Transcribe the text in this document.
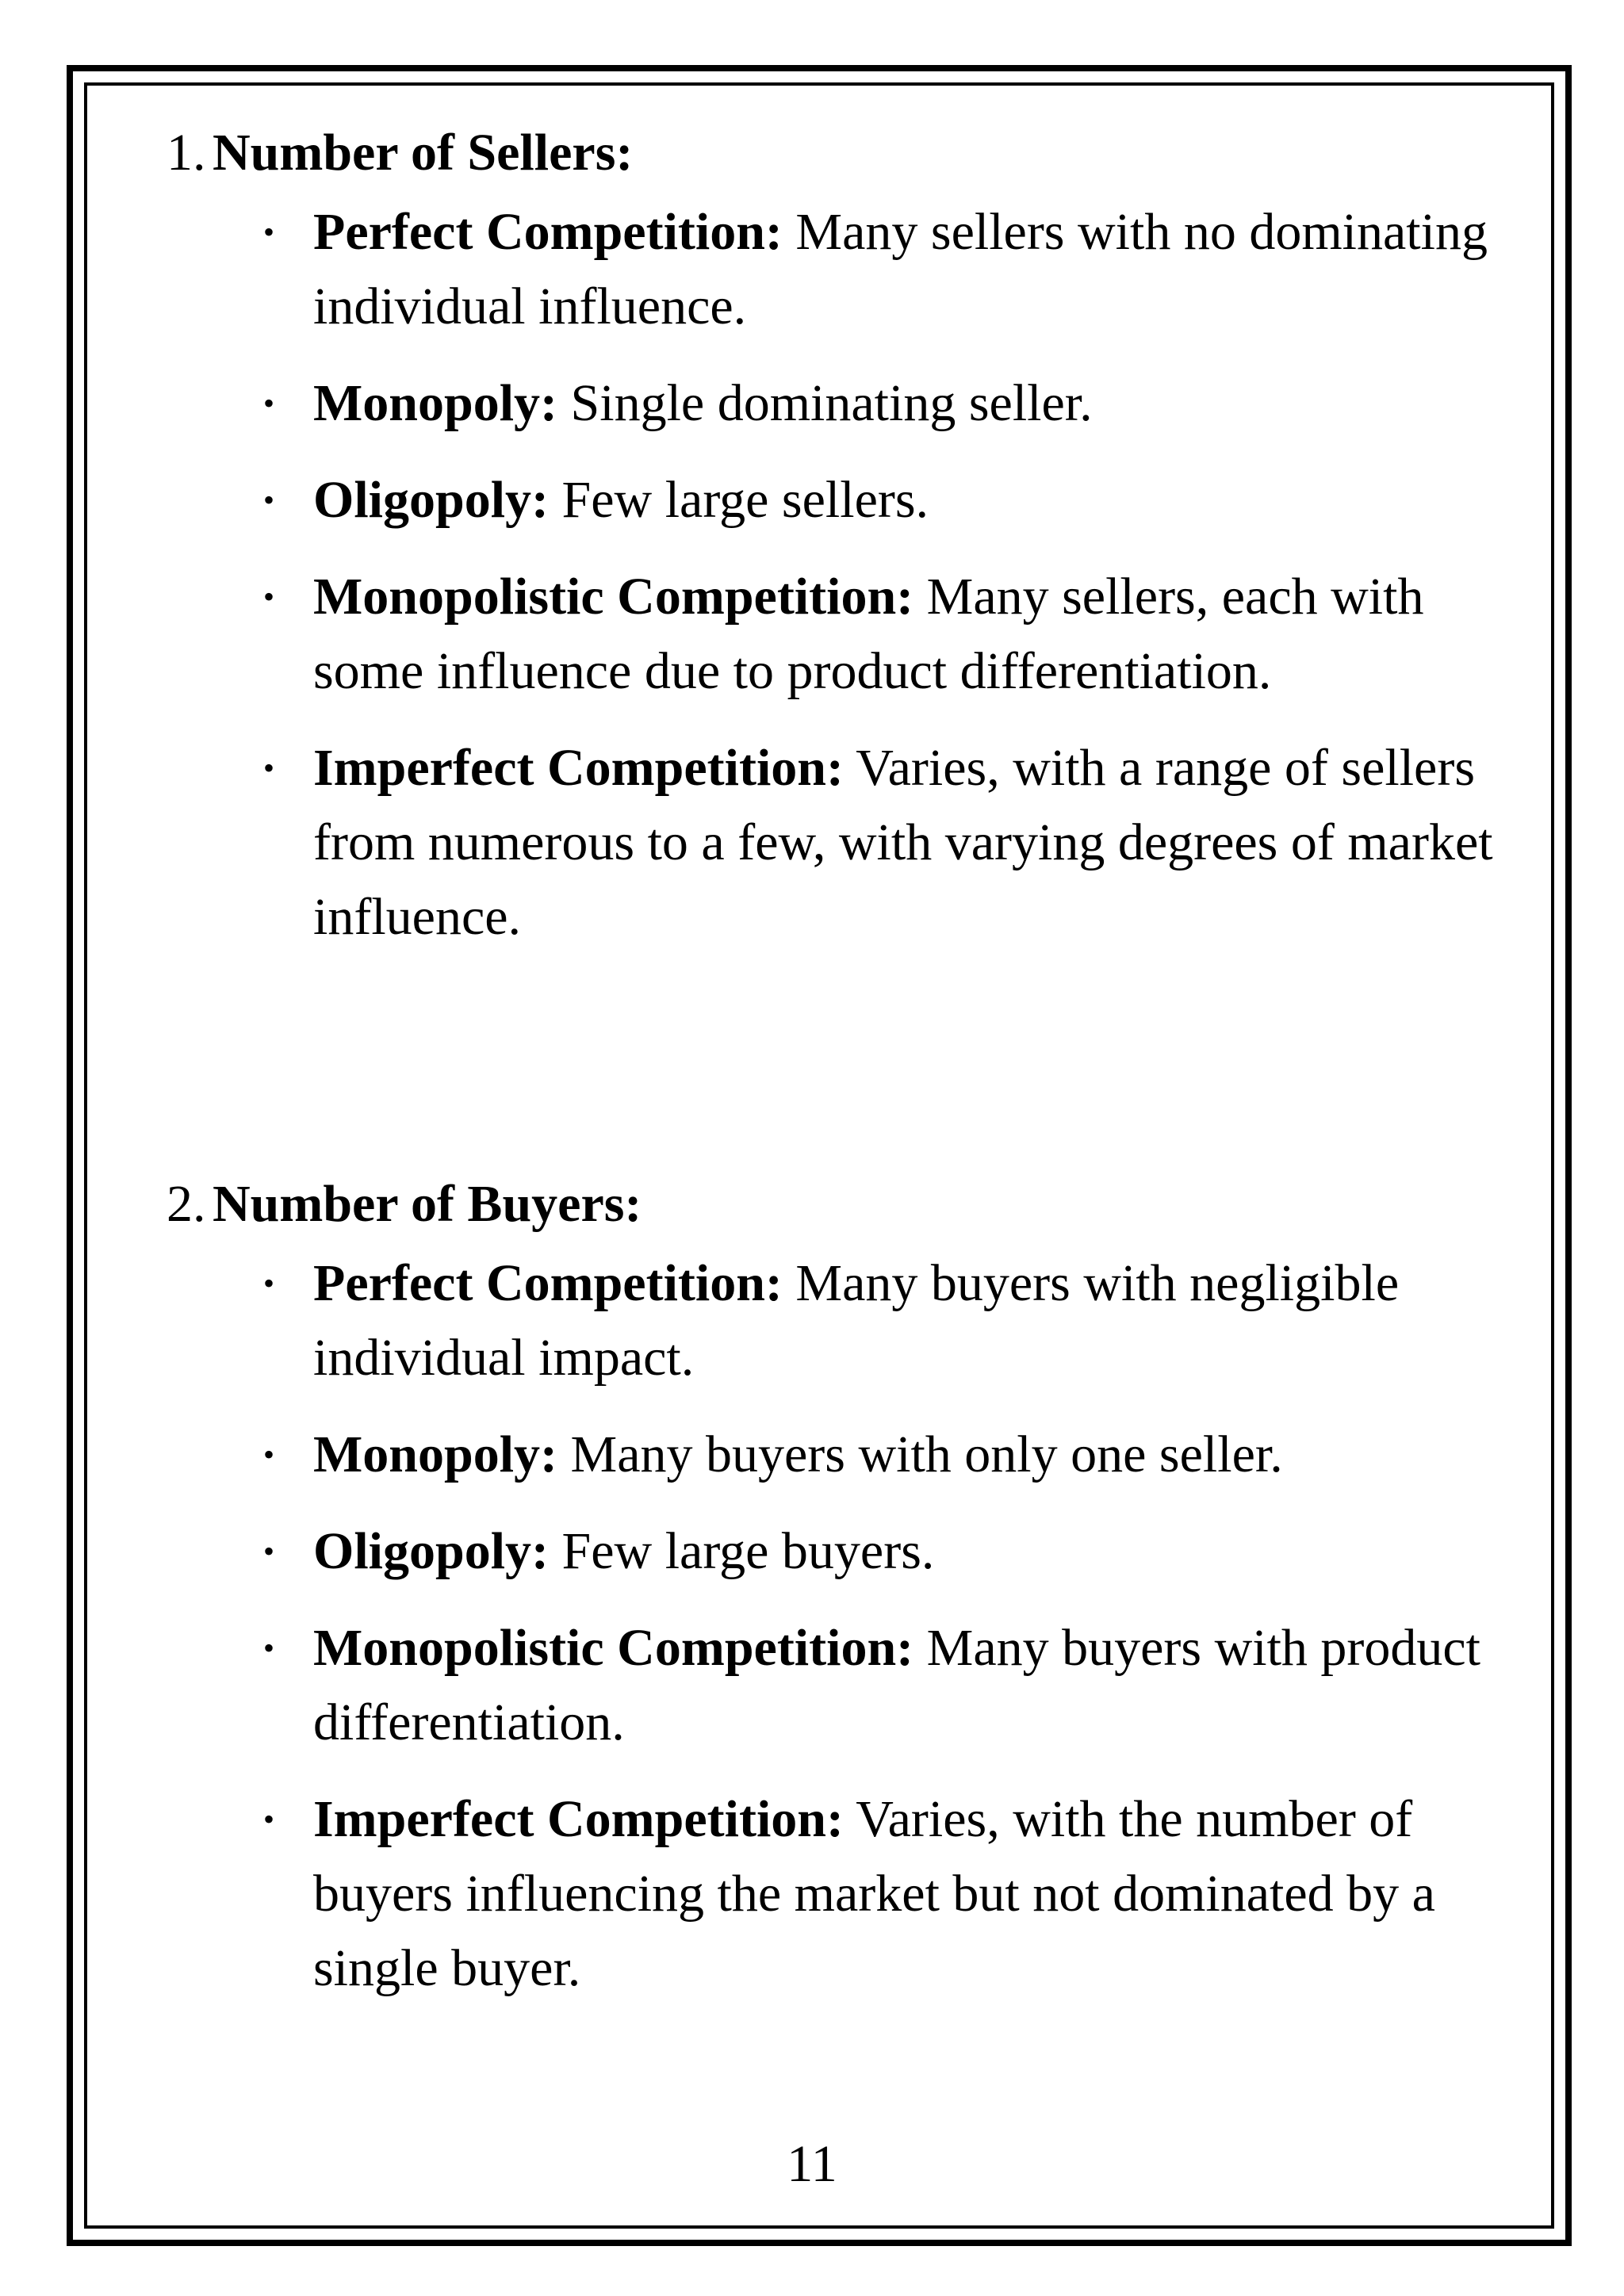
1. Number of Sellers:
• Perfect Competition: Many sellers with no dominating individual influence.
• Monopoly: Single dominating seller.
• Oligopoly: Few large sellers.
• Monopolistic Competition: Many sellers, each with some influence due to product differentiation.
• Imperfect Competition: Varies, with a range of sellers from numerous to a few, with varying degrees of market influence.
2. Number of Buyers:
• Perfect Competition: Many buyers with negligible individual impact.
• Monopoly: Many buyers with only one seller.
• Oligopoly: Few large buyers.
• Monopolistic Competition: Many buyers with product differentiation.
• Imperfect Competition: Varies, with the number of buyers influencing the market but not dominated by a single buyer.
11
